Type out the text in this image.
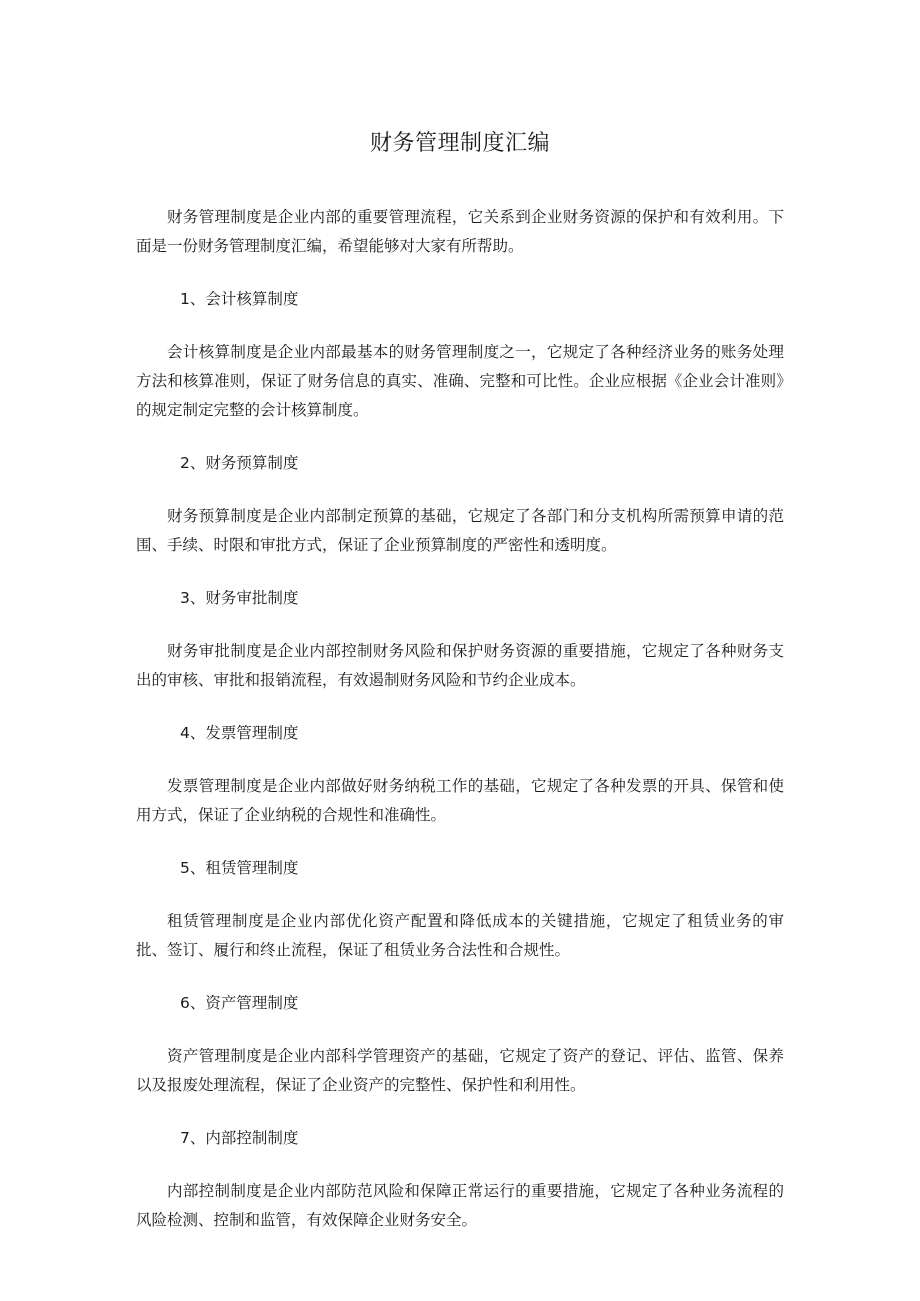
财务管理制度汇编

财务管理制度是企业内部的重要管理流程，它关系到企业财务资源的保护和有效利用。下面是一份财务管理制度汇编，希望能够对大家有所帮助。

1、会计核算制度

会计核算制度是企业内部最基本的财务管理制度之一，它规定了各种经济业务的账务处理方法和核算准则，保证了财务信息的真实、准确、完整和可比性。企业应根据《企业会计准则》的规定制定完整的会计核算制度。

2、财务预算制度

财务预算制度是企业内部制定预算的基础，它规定了各部门和分支机构所需预算申请的范围、手续、时限和审批方式，保证了企业预算制度的严密性和透明度。

3、财务审批制度

财务审批制度是企业内部控制财务风险和保护财务资源的重要措施，它规定了各种财务支出的审核、审批和报销流程，有效遏制财务风险和节约企业成本。

4、发票管理制度

发票管理制度是企业内部做好财务纳税工作的基础，它规定了各种发票的开具、保管和使用方式，保证了企业纳税的合规性和准确性。

5、租赁管理制度

租赁管理制度是企业内部优化资产配置和降低成本的关键措施，它规定了租赁业务的审批、签订、履行和终止流程，保证了租赁业务合法性和合规性。

6、资产管理制度

资产管理制度是企业内部科学管理资产的基础，它规定了资产的登记、评估、监管、保养以及报废处理流程，保证了企业资产的完整性、保护性和利用性。

7、内部控制制度

内部控制制度是企业内部防范风险和保障正常运行的重要措施，它规定了各种业务流程的风险检测、控制和监管，有效保障企业财务安全。
